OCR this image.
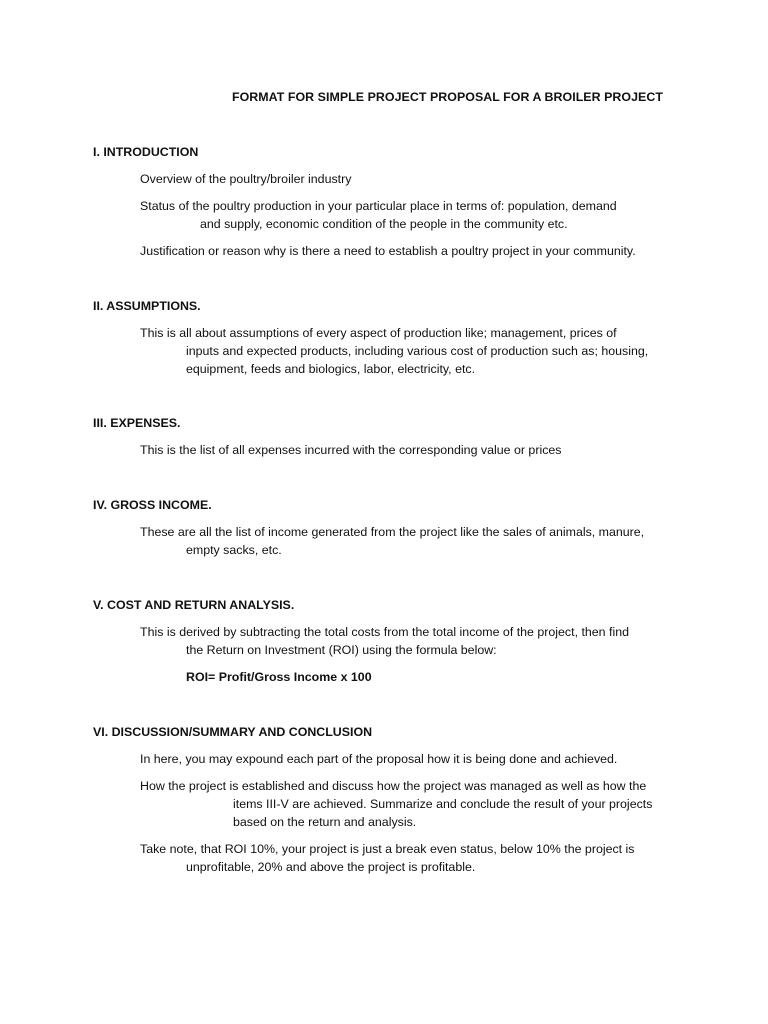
FORMAT FOR SIMPLE PROJECT PROPOSAL FOR A BROILER PROJECT
I. INTRODUCTION
Overview of the poultry/broiler industry
Status of the poultry production in your particular place in terms of: population, demand
and supply, economic condition of the people in the community etc.
Justification or reason why is there a need to establish a poultry project in your community.
II. ASSUMPTIONS.
This is all about assumptions of every aspect of production like; management, prices of
inputs and expected products, including various cost of production such as; housing,
equipment, feeds and biologics, labor, electricity, etc.
III. EXPENSES.
This is the list of all expenses incurred with the corresponding value or prices
IV. GROSS INCOME.
These are all the list of income generated from the project like the sales of animals, manure,
empty sacks, etc.
V. COST AND RETURN ANALYSIS.
This is derived by subtracting the total costs from the total income of the project, then find
the Return on Investment (ROI) using the formula below:
ROI= Profit/Gross Income x 100
VI. DISCUSSION/SUMMARY AND CONCLUSION
In here, you may expound each part of the proposal how it is being done and achieved.
How the project is established and discuss how the project was managed as well as how the
items III-V are achieved. Summarize and conclude the result of your projects
based on the return and analysis.
Take note, that ROI 10%, your project is just a break even status, below 10% the project is
unprofitable, 20% and above the project is profitable.
